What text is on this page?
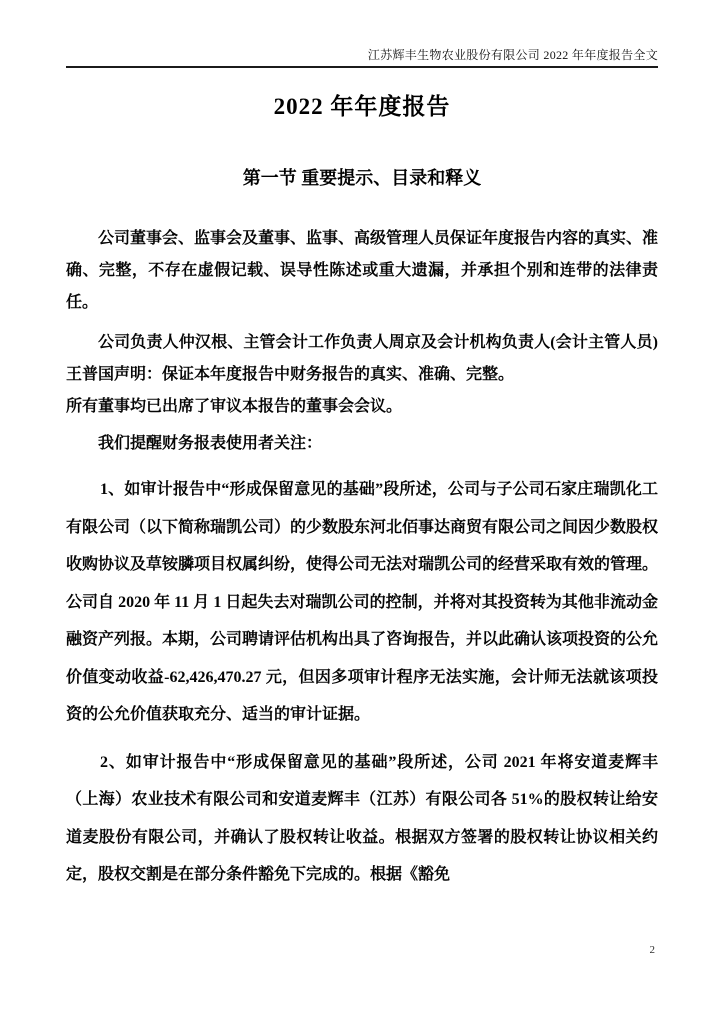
江苏辉丰生物农业股份有限公司 2022 年年度报告全文
2022 年年度报告
第一节 重要提示、目录和释义

公司董事会、监事会及董事、监事、高级管理人员保证年度报告内容的真实、准确、完整，不存在虚假记载、误导性陈述或重大遗漏，并承担个别和连带的法律责任。

公司负责人仲汉根、主管会计工作负责人周京及会计机构负责人(会计主管人员)王普国声明：保证本年度报告中财务报告的真实、准确、完整。

所有董事均已出席了审议本报告的董事会会议。

我们提醒财务报表使用者关注：

1、如审计报告中“形成保留意见的基础”段所述，公司与子公司石家庄瑞凯化工有限公司（以下简称瑞凯公司）的少数股东河北佰事达商贸有限公司之间因少数股权收购协议及草铵膦项目权属纠纷，使得公司无法对瑞凯公司的经营采取有效的管理。公司自 2020 年 11 月 1 日起失去对瑞凯公司的控制，并将对其投资转为其他非流动金融资产列报。本期，公司聘请评估机构出具了咨询报告，并以此确认该项投资的公允价值变动收益-62,426,470.27 元，但因多项审计程序无法实施，会计师无法就该项投资的公允价值获取充分、适当的审计证据。

2、如审计报告中“形成保留意见的基础”段所述，公司 2021 年将安道麦辉丰（上海）农业技术有限公司和安道麦辉丰（江苏）有限公司各 51%的股权转让给安道麦股份有限公司，并确认了股权转让收益。根据双方签署的股权转让协议相关约定，股权交割是在部分条件豁免下完成的。根据《豁免

2
